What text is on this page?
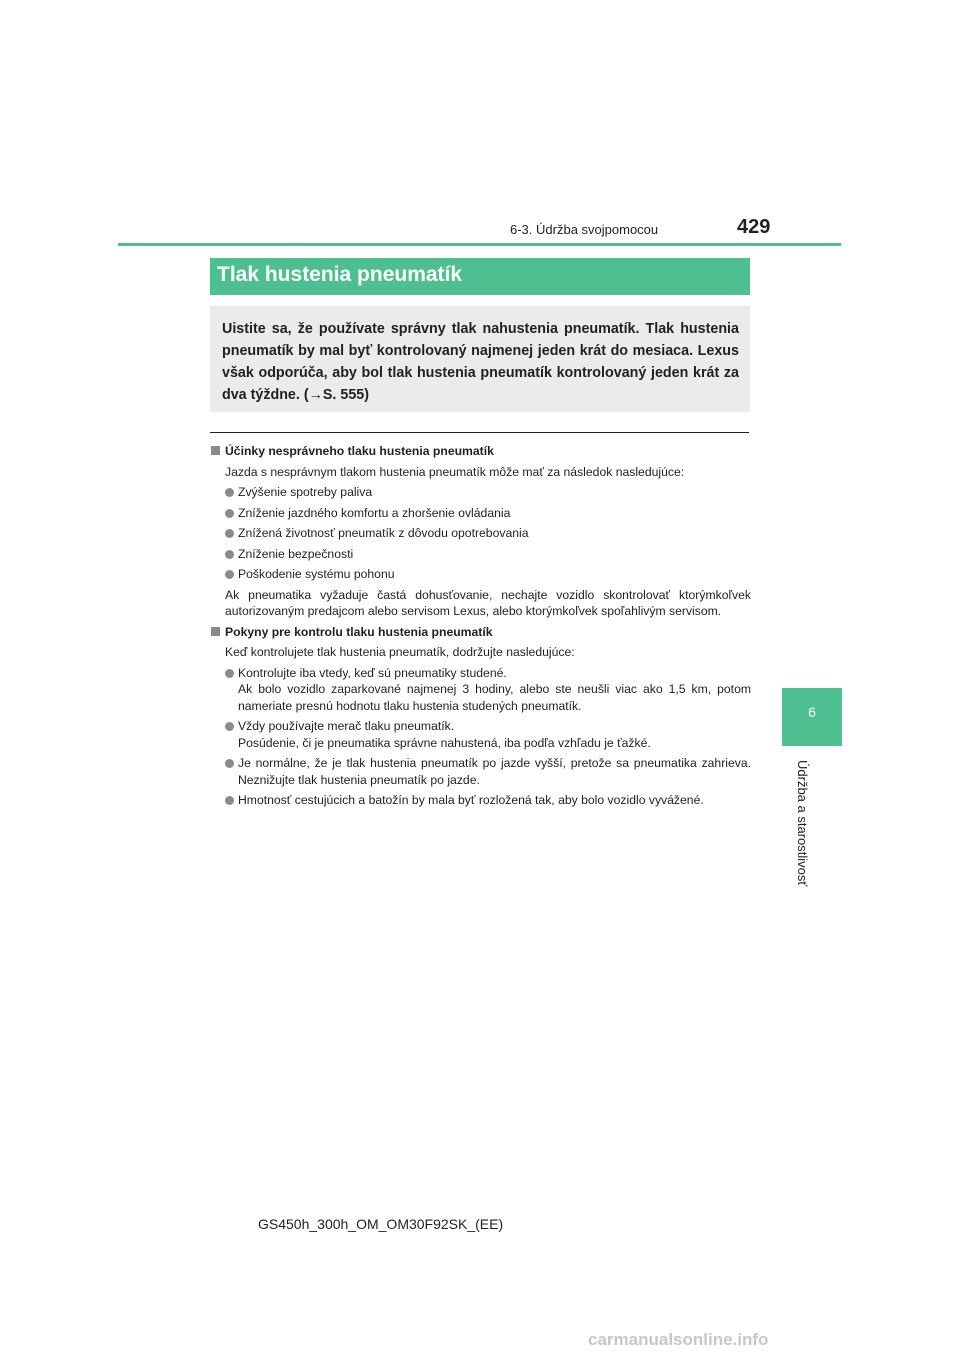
6-3. Údržba svojpomocou	429
6
Údržba a starostlivosť
Tlak hustenia pneumatík
Uistite sa, že používate správny tlak nahustenia pneumatík. Tlak hustenia pneumatík by mal byť kontrolovaný najmenej jeden krát do mesiaca. Lexus však odporúča, aby bol tlak hustenia pneumatík kontrolovaný jeden krát za dva týždne. (→S. 555)
Účinky nesprávneho tlaku hustenia pneumatík
Jazda s nesprávnym tlakom hustenia pneumatík môže mať za následok nasledujúce:
Zvýšenie spotreby paliva
Zníženie jazdného komfortu a zhoršenie ovládania
Znížená životnosť pneumatík z dôvodu opotrebovania
Zníženie bezpečnosti
Poškodenie systému pohonu
Ak pneumatika vyžaduje častá dohusťovanie, nechajte vozidlo skontrolovať ktorýmkoľvek autorizovaným predajcom alebo servisom Lexus, alebo ktorýmkoľvek spoľahlivým servisom.
Pokyny pre kontrolu tlaku hustenia pneumatík
Keď kontrolujete tlak hustenia pneumatík, dodržujte nasledujúce:
Kontrolujte iba vtedy, keď sú pneumatiky studené.
Ak bolo vozidlo zaparkované najmenej 3 hodiny, alebo ste neušli viac ako 1,5 km, potom nameriate presnú hodnotu tlaku hustenia studených pneumatík.
Vždy používajte merač tlaku pneumatík.
Posúdenie, či je pneumatika správne nahustená, iba podľa vzhľadu je ťažké.
Je normálne, že je tlak hustenia pneumatík po jazde vyšší, pretože sa pneumatika zahrieva. Neznižujte tlak hustenia pneumatík po jazde.
Hmotnosť cestujúcich a batožín by mala byť rozložená tak, aby bolo vozidlo vyvážené.
GS450h_300h_OM_OM30F92SK_(EE)
carmanualsonline.info
